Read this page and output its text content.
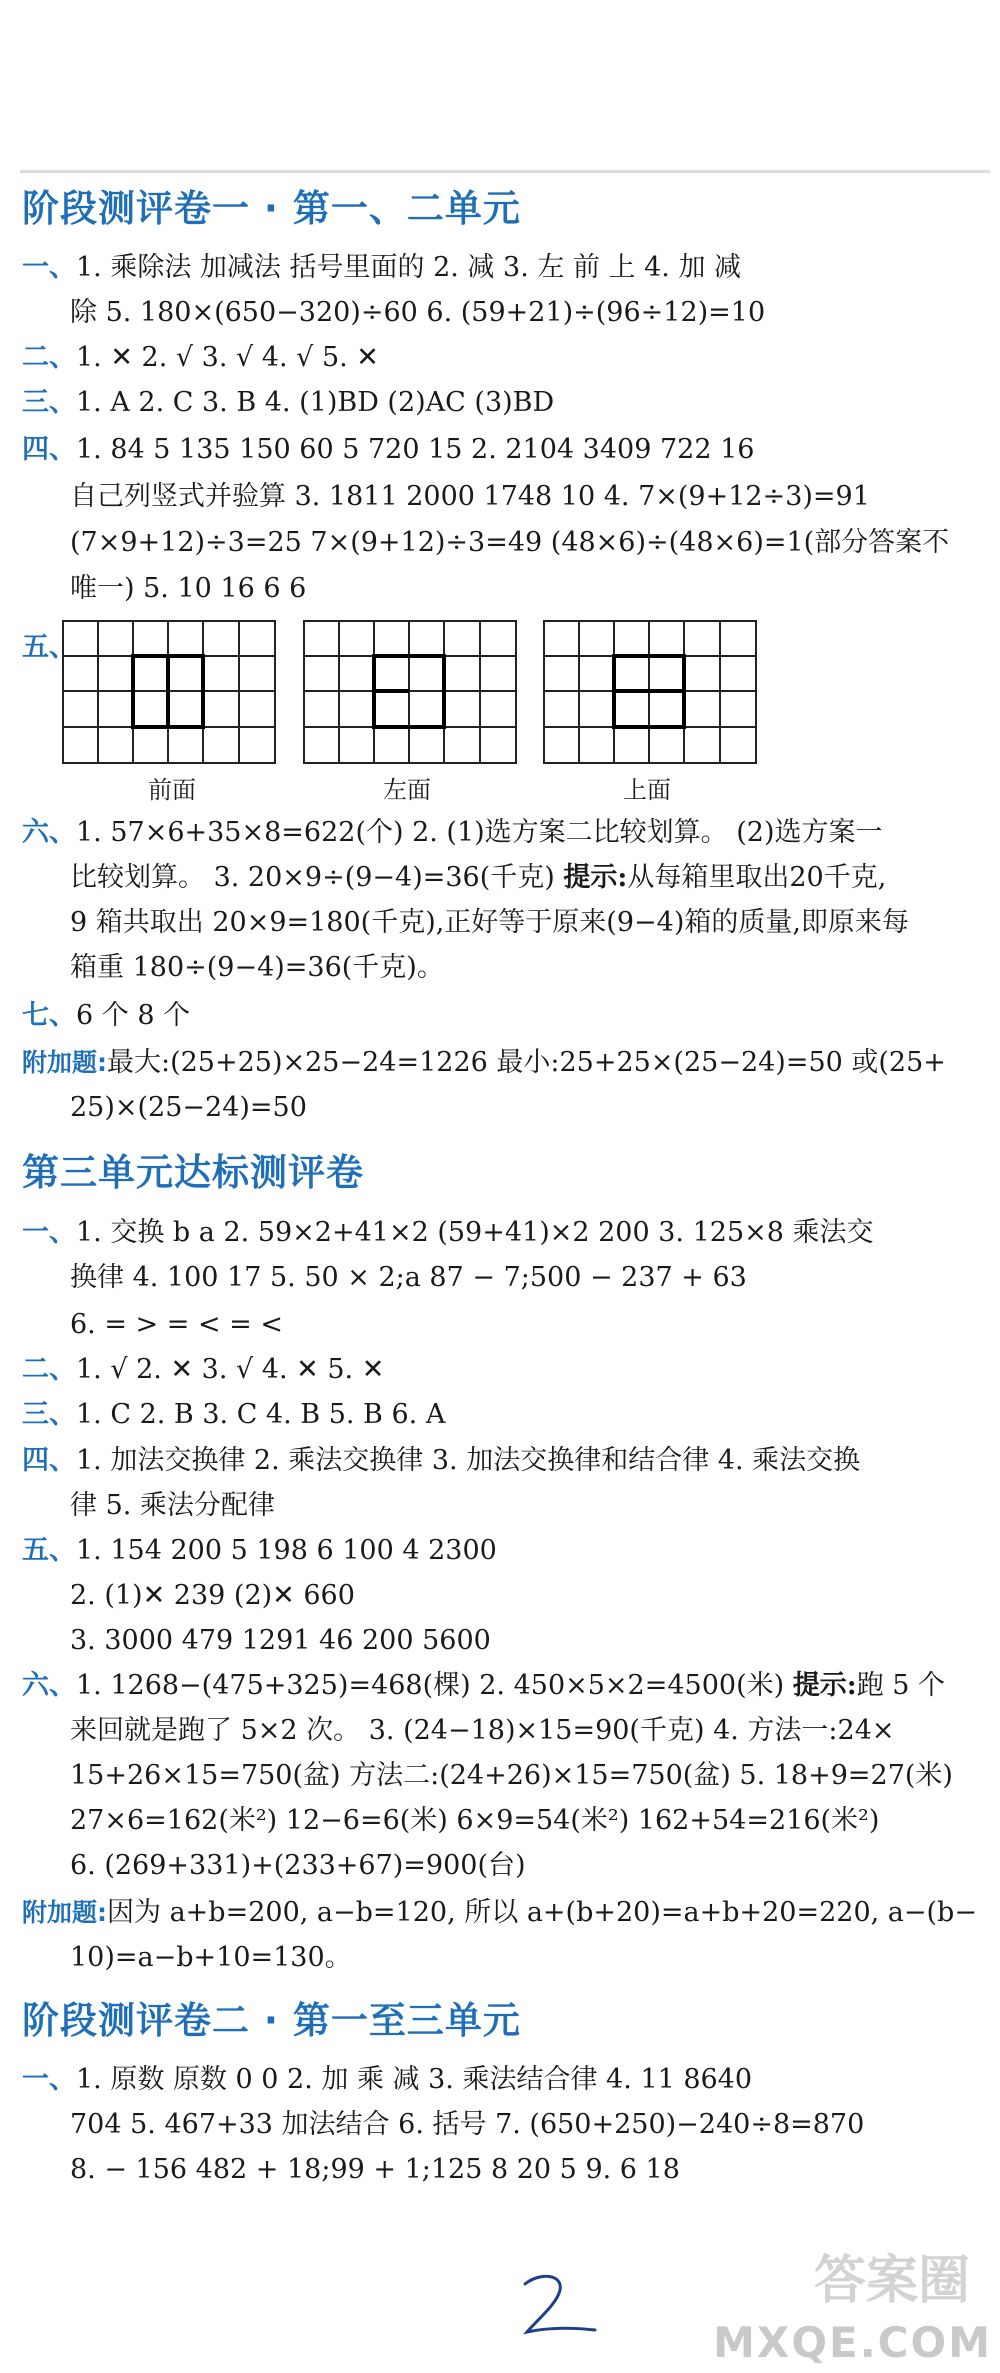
阶段测评卷一 · 第一、二单元
一、1. 乘除法 加减法 括号里面的 2. 减 3. 左 前 上 4. 加 减
除 5. 180×(650−320)÷60 6. (59+21)÷(96÷12)=10
二、1. ✕ 2. √ 3. √ 4. √ 5. ✕
三、1. A 2. C 3. B 4. (1)BD (2)AC (3)BD
四、1. 84 5 135 150 60 5 720 15 2. 2104 3409 722 16
自己列竖式并验算 3. 1811 2000 1748 10 4. 7×(9+12÷3)=91
(7×9+12)÷3=25 7×(9+12)÷3=49 (48×6)÷(48×6)=1(部分答案不
唯一) 5. 10 16 6 6
五、
前面	左面	上面
六、1. 57×6+35×8=622(个) 2. (1)选方案二比较划算。 (2)选方案一
比较划算。 3. 20×9÷(9−4)=36(千克) 提示:从每箱里取出20千克,
9 箱共取出 20×9=180(千克),正好等于原来(9−4)箱的质量,即原来每
箱重 180÷(9−4)=36(千克)。
七、6 个 8 个
附加题:最大:(25+25)×25−24=1226 最小:25+25×(25−24)=50 或(25+
25)×(25−24)=50
第三单元达标测评卷
一、1. 交换 b a 2. 59×2+41×2 (59+41)×2 200 3. 125×8 乘法交
换律 4. 100 17 5. 50 × 2;a 87 − 7;500 − 237 + 63
6. = > = < = <
二、1. √ 2. ✕ 3. √ 4. ✕ 5. ✕
三、1. C 2. B 3. C 4. B 5. B 6. A
四、1. 加法交换律 2. 乘法交换律 3. 加法交换律和结合律 4. 乘法交换
律 5. 乘法分配律
五、1. 154 200 5 198 6 100 4 2300
2. (1)✕ 239 (2)✕ 660
3. 3000 479 1291 46 200 5600
六、1. 1268−(475+325)=468(棵) 2. 450×5×2=4500(米) 提示:跑 5 个
来回就是跑了 5×2 次。 3. (24−18)×15=90(千克) 4. 方法一:24×
15+26×15=750(盆) 方法二:(24+26)×15=750(盆) 5. 18+9=27(米)
27×6=162(米²) 12−6=6(米) 6×9=54(米²) 162+54=216(米²)
6. (269+331)+(233+67)=900(台)
附加题:因为 a+b=200, a−b=120, 所以 a+(b+20)=a+b+20=220, a−(b−
10)=a−b+10=130。
阶段测评卷二 · 第一至三单元
一、1. 原数 原数 0 0 2. 加 乘 减 3. 乘法结合律 4. 11 8640
704 5. 467+33 加法结合 6. 括号 7. (650+250)−240÷8=870
8. − 156 482 + 18;99 + 1;125 8 20 5 9. 6 18
答案圈
MXQE.COM
